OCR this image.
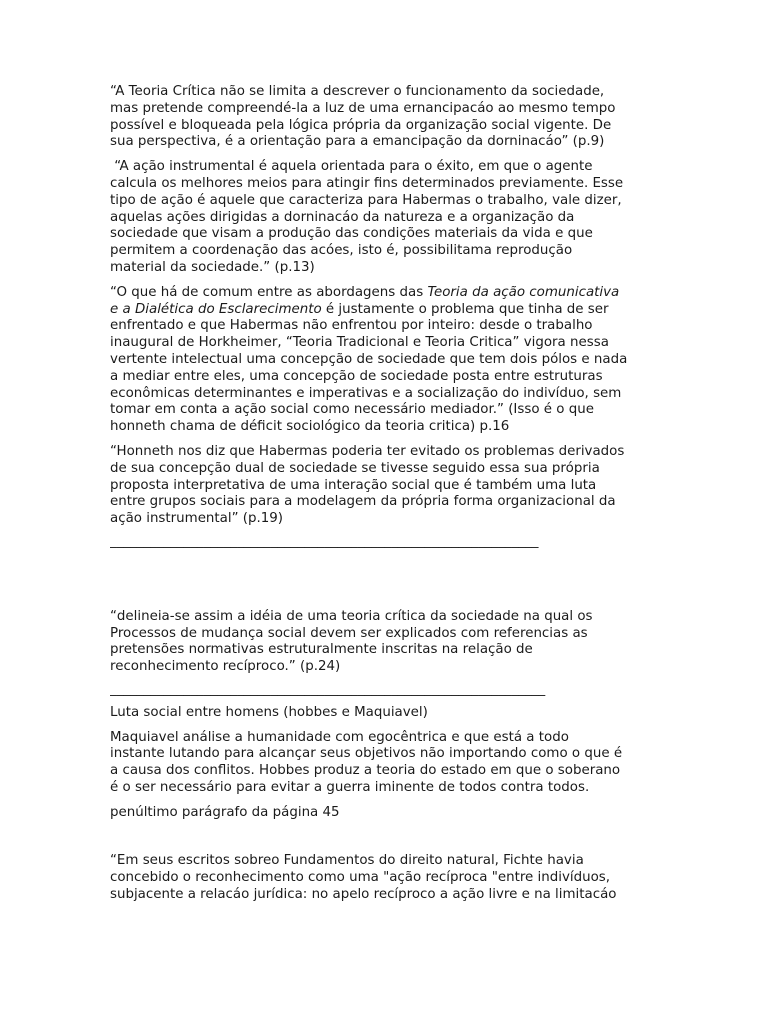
“A Teoria Crítica não se limita a descrever o funcionamento da sociedade,
mas pretende compreendé-la a luz de uma ernancipacáo ao mesmo tempo
possível e bloqueada pela lógica própria da organização social vigente. De
sua perspectiva, é a orientação para a emancipação da dorninacáo” (p.9)

“A ação instrumental é aquela orientada para o éxito, em que o agente
calcula os melhores meios para atingir fins determinados previamente. Esse
tipo de ação é aquele que caracteriza para Habermas o trabalho, vale dizer,
aquelas ações dirigidas a dorninacáo da natureza e a organização da
sociedade que visam a produção das condições materiais da vida e que
permitem a coordenação das acóes, isto é, possibilitama reprodução
material da sociedade.” (p.13)

“O que há de comum entre as abordagens das Teoria da ação comunicativa
e a Dialética do Esclarecimento é justamente o problema que tinha de ser
enfrentado e que Habermas não enfrentou por inteiro: desde o trabalho
inaugural de Horkheimer, “Teoria Tradicional e Teoria Critica” vigora nessa
vertente intelectual uma concepção de sociedade que tem dois pólos e nada
a mediar entre eles, uma concepção de sociedade posta entre estruturas
econômicas determinantes e imperativas e a socialização do indivíduo, sem
tomar em conta a ação social como necessário mediador.” (Isso é o que
honneth chama de déficit sociológico da teoria critica) p.16

“Honneth nos diz que Habermas poderia ter evitado os problemas derivados
de sua concepção dual de sociedade se tivesse seguido essa sua própria
proposta interpretativa de uma interação social que é também uma luta
entre grupos sociais para a modelagem da própria forma organizacional da
ação instrumental” (p.19)

________________________________________________________________

“delineia-se assim a idéia de uma teoria crítica da sociedade na qual os
Processos de mudança social devem ser explicados com referencias as
pretensões normativas estruturalmente inscritas na relação de
reconhecimento recíproco.” (p.24)

_________________________________________________________________

Luta social entre homens (hobbes e Maquiavel)

Maquiavel análise a humanidade com egocêntrica e que está a todo
instante lutando para alcançar seus objetivos não importando como o que é
a causa dos conflitos. Hobbes produz a teoria do estado em que o soberano
é o ser necessário para evitar a guerra iminente de todos contra todos.

penúltimo parágrafo da página 45

“Em seus escritos sobreo Fundamentos do direito natural, Fichte havia
concebido o reconhecimento como uma "ação recíproca "entre indivíduos,
subjacente a relacáo jurídica: no apelo recíproco a ação livre e na limitacáo
